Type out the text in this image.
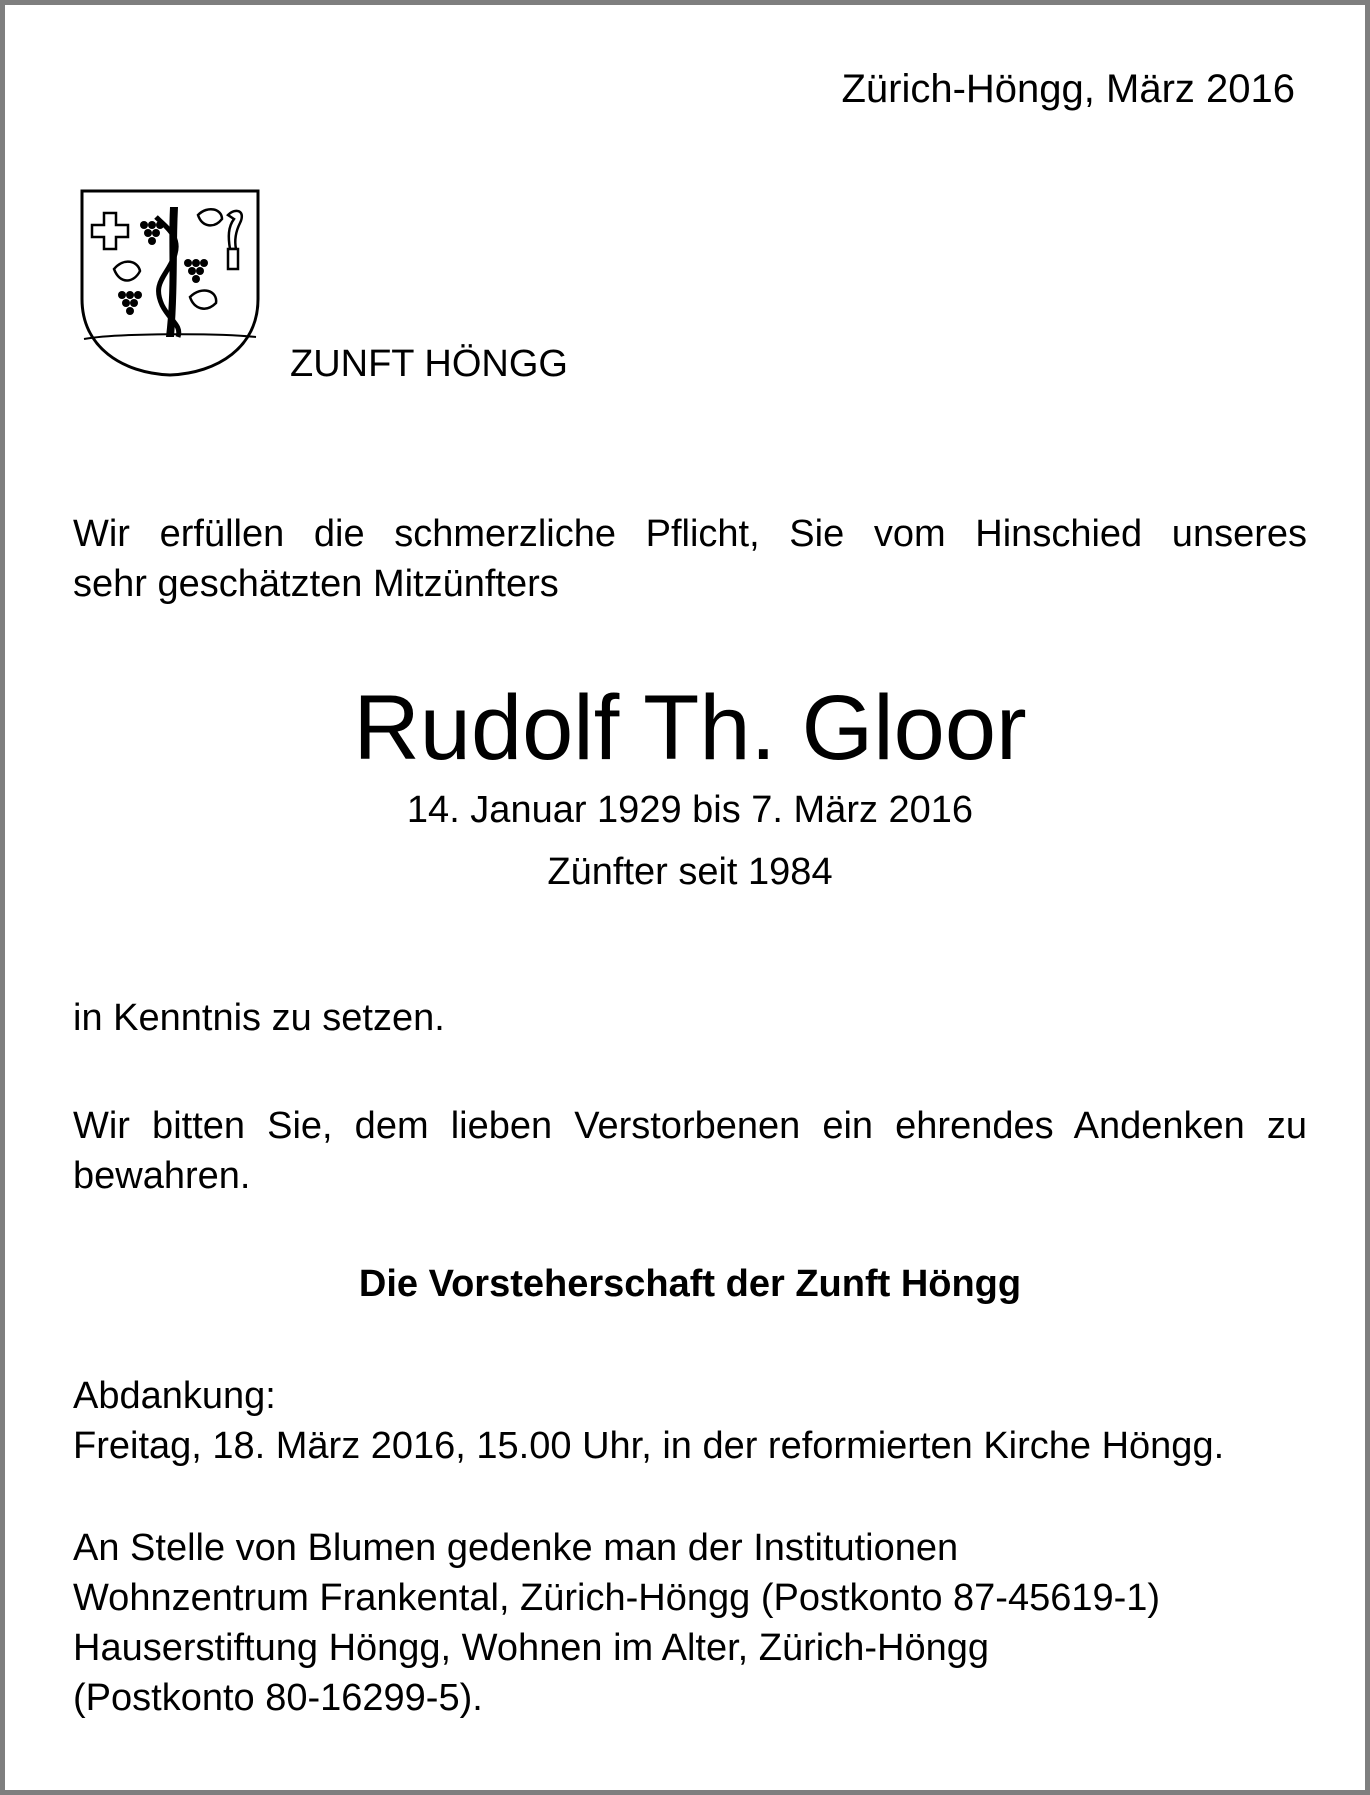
Zürich-Höngg, März 2016
ZUNFT HÖNGG
Wir erfüllen die schmerzliche Pflicht, Sie vom Hinschied unseres
sehr geschätzten Mitzünfters
Rudolf Th. Gloor
14. Januar 1929 bis 7. März 2016
Zünfter seit 1984
in Kenntnis zu setzen.
Wir bitten Sie, dem lieben Verstorbenen ein ehrendes Andenken zu
bewahren.
Die Vorsteherschaft der Zunft Höngg
Abdankung:
Freitag, 18. März 2016, 15.00 Uhr, in der reformierten Kirche Höngg.
An Stelle von Blumen gedenke man der Institutionen
Wohnzentrum Frankental, Zürich-Höngg (Postkonto 87-45619-1)
Hauserstiftung Höngg, Wohnen im Alter, Zürich-Höngg
(Postkonto 80-16299-5).
